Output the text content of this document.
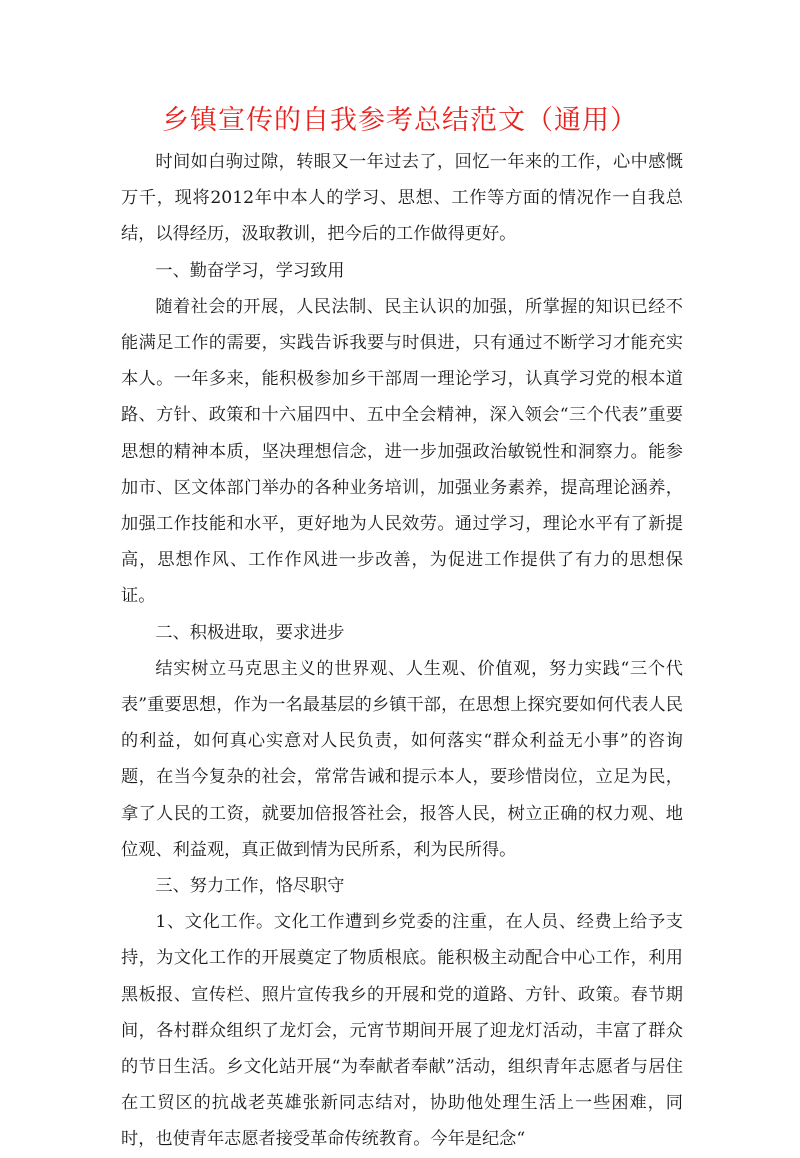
乡镇宣传的自我参考总结范文（通用）

时间如白驹过隙，转眼又一年过去了，回忆一年来的工作，心中感慨万千，现将2012年中本人的学习、思想、工作等方面的情况作一自我总结，以得经历，汲取教训，把今后的工作做得更好。

一、勤奋学习，学习致用

随着社会的开展，人民法制、民主认识的加强，所掌握的知识已经不能满足工作的需要，实践告诉我要与时俱进，只有通过不断学习才能充实本人。一年多来，能积极参加乡干部周一理论学习，认真学习党的根本道路、方针、政策和十六届四中、五中全会精神，深入领会“三个代表”重要思想的精神本质，坚决理想信念，进一步加强政治敏锐性和洞察力。能参加市、区文体部门举办的各种业务培训，加强业务素养，提高理论涵养，加强工作技能和水平，更好地为人民效劳。通过学习，理论水平有了新提高，思想作风、工作作风进一步改善，为促进工作提供了有力的思想保证。

二、积极进取，要求进步

结实树立马克思主义的世界观、人生观、价值观，努力实践“三个代表”重要思想，作为一名最基层的乡镇干部，在思想上探究要如何代表人民的利益，如何真心实意对人民负责，如何落实“群众利益无小事”的咨询题，在当今复杂的社会，常常告诫和提示本人，要珍惜岗位，立足为民，拿了人民的工资，就要加倍报答社会，报答人民，树立正确的权力观、地位观、利益观，真正做到情为民所系，利为民所得。

三、努力工作，恪尽职守

1、文化工作。文化工作遭到乡党委的注重，在人员、经费上给予支持，为文化工作的开展奠定了物质根底。能积极主动配合中心工作，利用黑板报、宣传栏、照片宣传我乡的开展和党的道路、方针、政策。春节期间，各村群众组织了龙灯会，元宵节期间开展了迎龙灯活动，丰富了群众的节日生活。乡文化站开展“为奉献者奉献”活动，组织青年志愿者与居住在工贸区的抗战老英雄张新同志结对，协助他处理生活上一些困难，同时，也使青年志愿者接受革命传统教育。今年是纪念“
